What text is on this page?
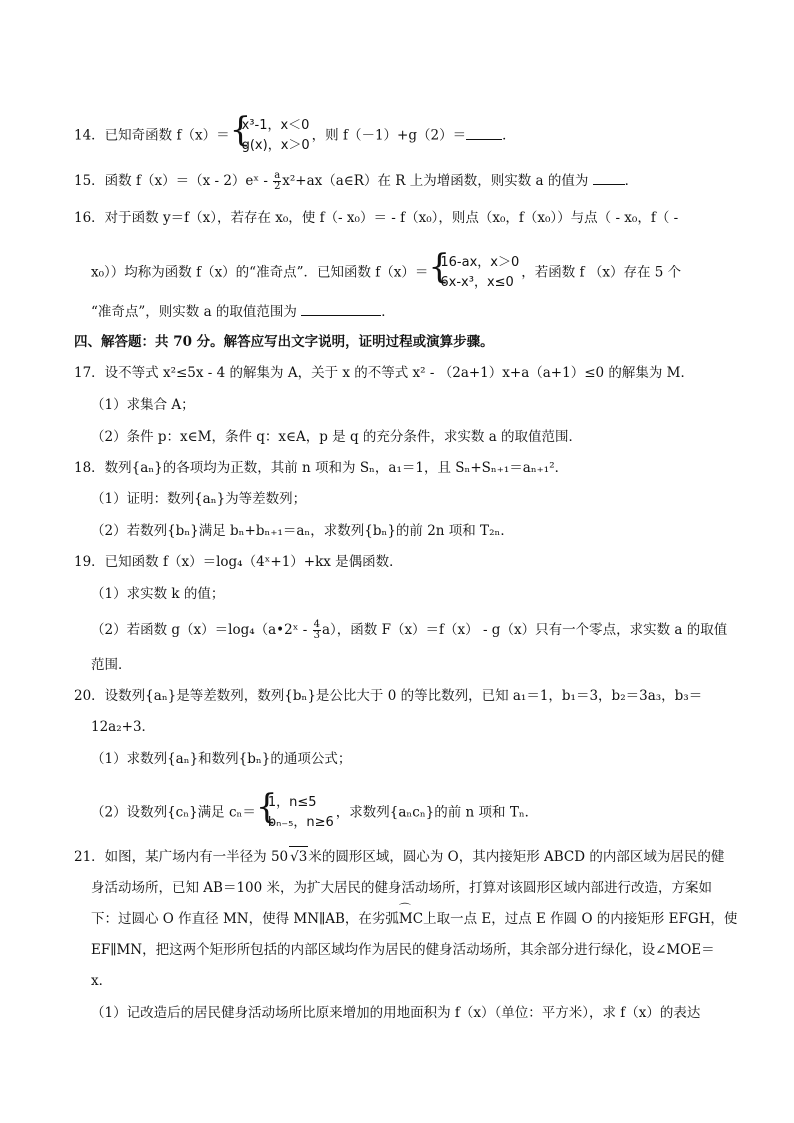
14．已知奇函数 f（x）＝
{ x³-1，x＜0
g(x)，x＞0
，则 f（－1）+g（2）＝	．
15．函数 f（x）＝（x - 2）eˣ - $\frac{a}{2}$ x²+ax（a∈R）在 R 上为增函数，则实数 a 的值为	．
16．对于函数 y＝f（x），若存在 x₀，使 f（- x₀）＝ - f（x₀），则点（x₀，f（x₀））与点（ - x₀，f（ -
x₀））均称为函数 f（x）的“准奇点”．已知函数 f（x）＝
{ 16-ax，x＞0
6x-x³，x≤0
，若函数 f （x）存在 5 个
“准奇点”，则实数 a 的取值范围为	．
四、解答题：共 70 分。解答应写出文字说明，证明过程或演算步骤。
17．设不等式 x²≤5x - 4 的解集为 A，关于 x 的不等式 x² - （2a+1）x+a（a+1）≤0 的解集为 M．
（1）求集合 A；
（2）条件 p：x∈M，条件 q：x∈A，p 是 q 的充分条件，求实数 a 的取值范围．
18．数列{aₙ}的各项均为正数，其前 n 项和为 Sₙ，a₁＝1，且 Sₙ+Sₙ₊₁＝aₙ₊₁²．
（1）证明：数列{aₙ}为等差数列；
（2）若数列{bₙ}满足 bₙ+bₙ₊₁＝aₙ，求数列{bₙ}的前 2n 项和 T₂ₙ．
19．已知函数 f（x）＝log₄（4ˣ+1）+kx 是偶函数．
（1）求实数 k 的值；
（2）若函数 g（x）＝log₄（a•2ˣ - $\frac{4}{3} a$），函数 F（x）＝f（x） - g（x）只有一个零点，求实数 a 的取值
范围．
20．设数列{aₙ}是等差数列，数列{bₙ}是公比大于 0 的等比数列，已知 a₁＝1，b₁＝3，b₂＝3a₃，b₃＝
12a₂+3．
（1）求数列{aₙ}和数列{bₙ}的通项公式；
（2）设数列{cₙ}满足 cₙ＝
{ 1，n≤5
bₙ₋₅，n≥6
，求数列{aₙcₙ}的前 n 项和 Tₙ．
21．如图，某广场内有一半径为 50 √3米的圆形区域，圆心为 O，其内接矩形 ABCD 的内部区域为居民的健
身活动场所，已知 AB＝100 米，为扩大居民的健身活动场所，打算对该圆形区域内部进行改造，方案如
下：过圆心 O 作直径 MN，使得 MN∥AB，在劣弧⌒ MC上取一点 E，过点 E 作圆 O 的内接矩形 EFGH，使
EF∥MN，把这两个矩形所包括的内部区域均作为居民的健身活动场所，其余部分进行绿化，设∠MOE＝
x．
（1）记改造后的居民健身活动场所比原来增加的用地面积为 f（x）（单位：平方米），求 f（x）的表达
